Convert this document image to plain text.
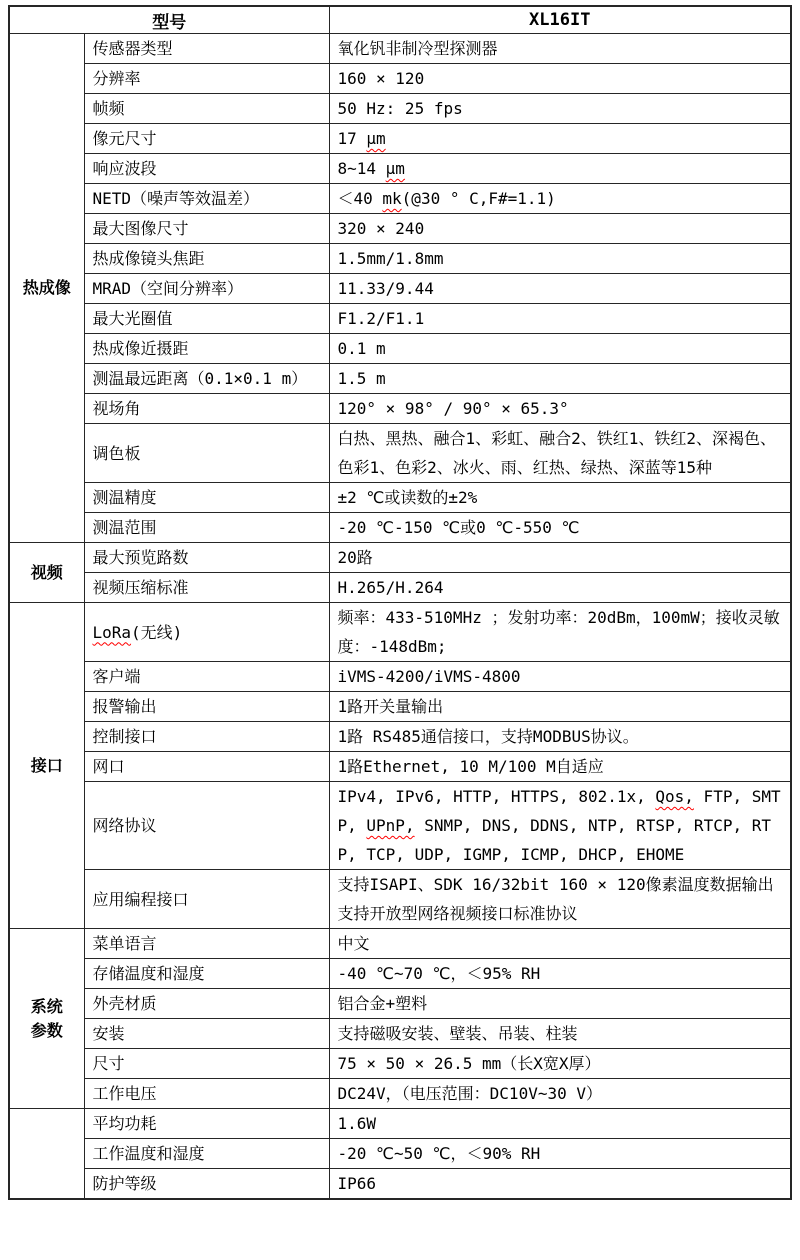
型号		XL16IT
热成像	传感器类型	氧化钒非制冷型探测器

	分辨率	160 × 120

	帧频	50 Hz: 25 fps

	像元尺寸	17 μm

	响应波段	8~14 μm

	NETD（噪声等效温差）	＜40 mk(@30 ° C,F#=1.1)

	最大图像尺寸	320 × 240

	热成像镜头焦距	1.5mm/1.8mm

	MRAD（空间分辨率）	11.33/9.44

	最大光圈值	F1.2/F1.1

	热成像近摄距	0.1 m

	测温最远距离（0.1×0.1 m）	1.5 m

	视场角	120° × 98° / 90° × 65.3°

	调色板	白热、黑热、融合1、彩虹、融合2、铁红1、铁红2、深褐色、色彩1、色彩2、冰火、雨、红热、绿热、深蓝等15种

	测温精度	±2 ℃或读数的±2%

	测温范围	-20 ℃-150 ℃或0 ℃-550 ℃

视频	最大预览路数	20路

	视频压缩标准	H.265/H.264

接口	LoRa(无线)	频率：433-510MHz ；发射功率：20dBm，100mW；接收灵敏度：-148dBm;

	客户端	iVMS-4200/iVMS-4800

	报警输出	1路开关量输出

	控制接口	1路 RS485通信接口，支持MODBUS协议。

	网口	1路Ethernet, 10 M/100 M自适应

	网络协议	IPv4, IPv6, HTTP, HTTPS, 802.1x, Qos, FTP, SMTP, UPnP, SNMP, DNS, DDNS, NTP, RTSP, RTCP, RTP, TCP, UDP, IGMP, ICMP, DHCP, EHOME

	应用编程接口	支持ISAPI、SDK 16/32bit 160 × 120像素温度数据输出
支持开放型网络视频接口标准协议

系统参数	菜单语言	中文

	存储温度和湿度	-40 ℃~70 ℃，＜95% RH

	外壳材质	铝合金+塑料

	安装	支持磁吸安装、壁装、吊装、柱装

	尺寸	75 × 50 × 26.5 mm（长X宽X厚）

	工作电压	DC24V，（电压范围：DC10V~30 V）

	平均功耗	1.6W

	工作温度和湿度	-20 ℃~50 ℃，＜90% RH

	防护等级	IP66
